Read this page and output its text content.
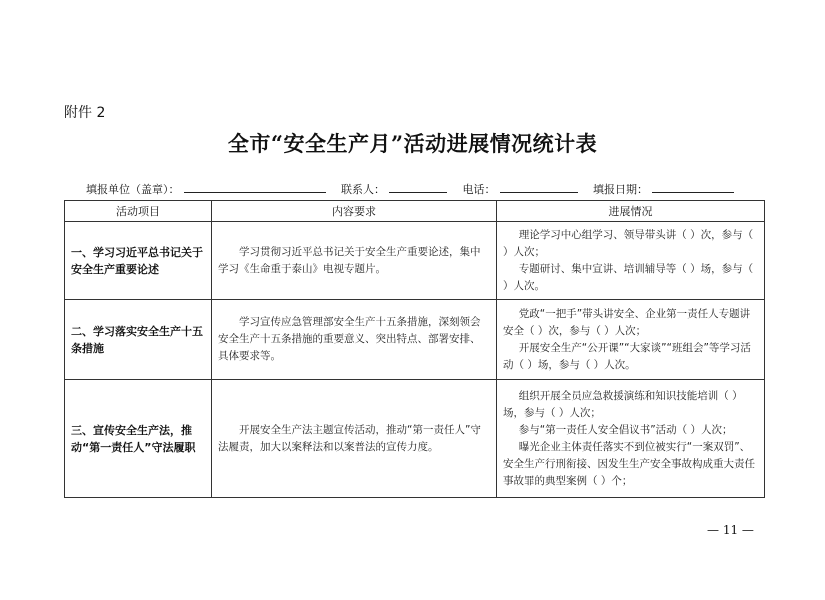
附件 2
全市“安全生产月”活动进展情况统计表
填报单位（盖章）：	联系人：	电话：	填报日期：
活动项目	内容要求	进展情况
一、学习习近平总书记关于安全生产重要论述	学习贯彻习近平总书记关于安全生产重要论述，集中学习《生命重于泰山》电视专题片。	理论学习中心组学习、领导带头讲（ ）次，参与（ ）人次；
专题研讨、集中宣讲、培训辅导等（ ）场，参与（ ）人次。

二、学习落实安全生产十五条措施	学习宣传应急管理部安全生产十五条措施，深刻领会安全生产十五条措施的重要意义、突出特点、部署安排、具体要求等。	党政“一把手”带头讲安全、企业第一责任人专题讲安全（ ）次，参与（ ）人次；
开展安全生产“公开课”“大家谈”“班组会”等学习活动（ ）场，参与（ ）人次。

三、宣传安全生产法，推动“第一责任人”守法履职	开展安全生产法主题宣传活动，推动“第一责任人”守法履责，加大以案释法和以案普法的宣传力度。	组织开展全员应急救援演练和知识技能培训（ ）场，参与（ ）人次；
参与“第一责任人安全倡议书”活动（ ）人次；
曝光企业主体责任落实不到位被实行“一案双罚”、安全生产行刑衔接、因发生生产安全事故构成重大责任事故罪的典型案例（ ）个；
— 11 —
